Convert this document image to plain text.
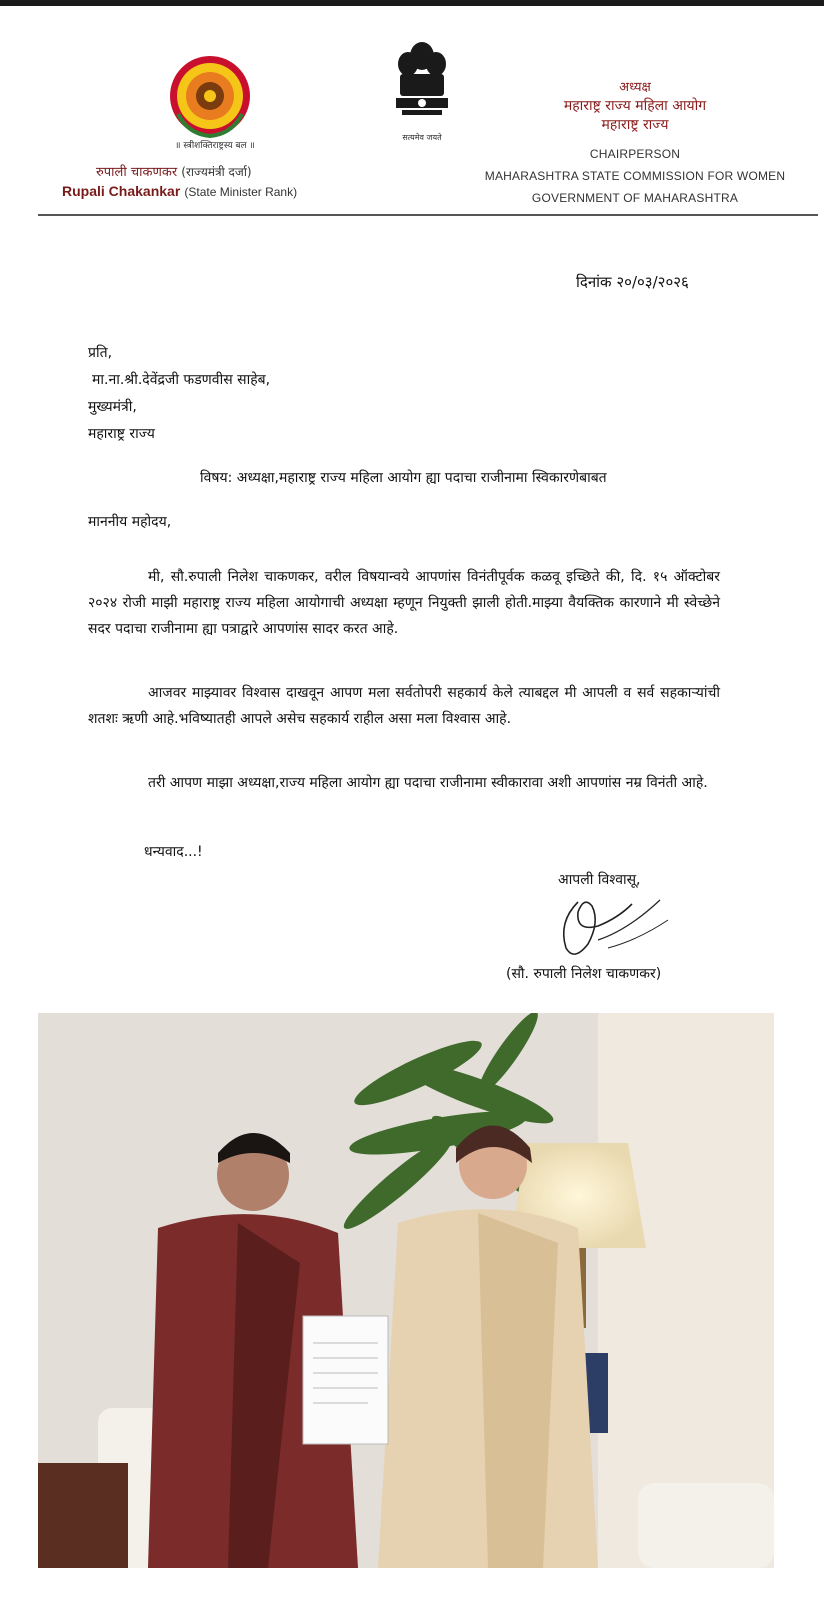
॥ स्त्रीशक्तिराष्ट्रस्य बल ॥
रुपाली चाकणकर (राज्यमंत्री दर्जा)
Rupali Chakankar (State Minister Rank)
सत्यमेव जयते
अध्यक्ष
महाराष्ट्र राज्य महिला आयोग
महाराष्ट्र राज्य
CHAIRPERSON
MAHARASHTRA STATE COMMISSION FOR WOMEN
GOVERNMENT OF MAHARASHTRA
दिनांक २०/०३/२०२६
प्रति,
मा.ना.श्री.देवेंद्रजी फडणवीस साहेब,
मुख्यमंत्री,
महाराष्ट्र राज्य
विषय: अध्यक्षा,महाराष्ट्र राज्य महिला आयोग ह्या पदाचा राजीनामा स्विकारणेबाबत
माननीय महोदय,
मी, सौ.रुपाली निलेश चाकणकर, वरील विषयान्वये आपणांस विनंतीपूर्वक कळवू इच्छिते की, दि. १५ ऑक्टोबर २०२४ रोजी माझी महाराष्ट्र राज्य महिला आयोगाची अध्यक्षा म्हणून नियुक्ती झाली होती.माझ्या वैयक्तिक कारणाने मी स्वेच्छेने सदर पदाचा राजीनामा ह्या पत्राद्वारे आपणांस सादर करत आहे.
आजवर माझ्यावर विश्वास दाखवून आपण मला सर्वतोपरी सहकार्य केले त्याबद्दल मी आपली व सर्व सहकाऱ्यांची शतशः ऋणी आहे.भविष्यातही आपले असेच सहकार्य राहील असा मला विश्वास आहे.
तरी आपण माझा अध्यक्षा,राज्य महिला आयोग ह्या पदाचा राजीनामा स्वीकारावा अशी आपणांस नम्र विनंती आहे.
धन्यवाद...!
आपली विश्वासू,
(सौ. रुपाली निलेश चाकणकर)
